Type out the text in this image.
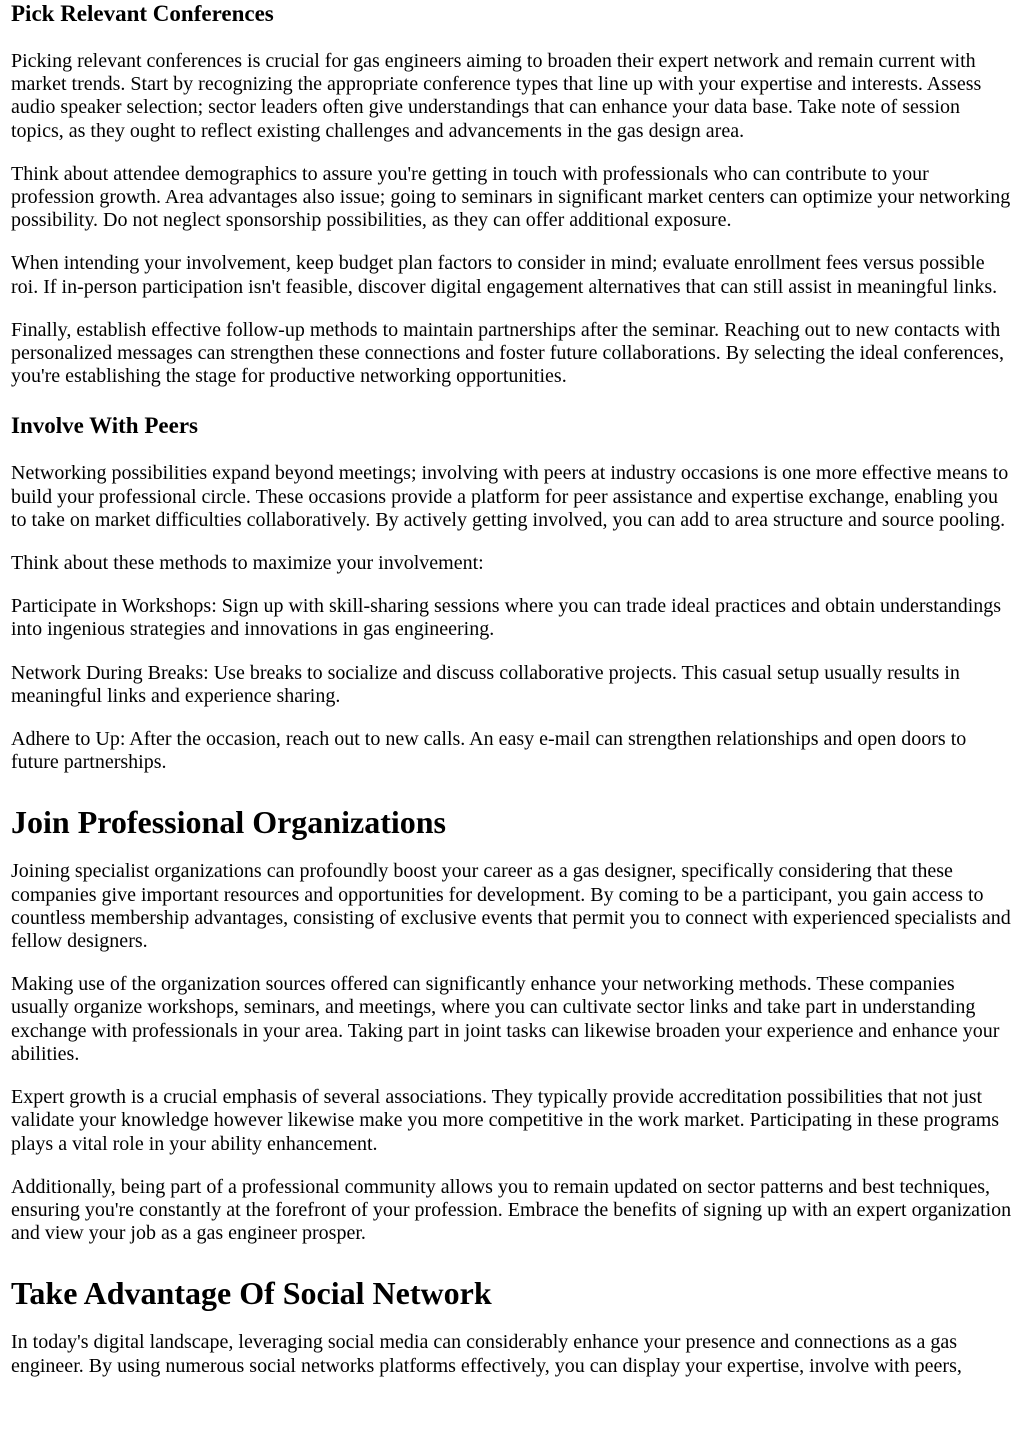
Pick Relevant Conferences

Picking relevant conferences is crucial for gas engineers aiming to broaden their expert network and remain current with market trends. Start by recognizing the appropriate conference types that line up with your expertise and interests. Assess audio speaker selection; sector leaders often give understandings that can enhance your data base. Take note of session topics, as they ought to reflect existing challenges and advancements in the gas design area.

Think about attendee demographics to assure you're getting in touch with professionals who can contribute to your profession growth. Area advantages also issue; going to seminars in significant market centers can optimize your networking possibility. Do not neglect sponsorship possibilities, as they can offer additional exposure.

When intending your involvement, keep budget plan factors to consider in mind; evaluate enrollment fees versus possible roi. If in-person participation isn't feasible, discover digital engagement alternatives that can still assist in meaningful links.

Finally, establish effective follow-up methods to maintain partnerships after the seminar. Reaching out to new contacts with personalized messages can strengthen these connections and foster future collaborations. By selecting the ideal conferences, you're establishing the stage for productive networking opportunities.

Involve With Peers

Networking possibilities expand beyond meetings; involving with peers at industry occasions is one more effective means to build your professional circle. These occasions provide a platform for peer assistance and expertise exchange, enabling you to take on market difficulties collaboratively. By actively getting involved, you can add to area structure and source pooling.

Think about these methods to maximize your involvement:

Participate in Workshops: Sign up with skill-sharing sessions where you can trade ideal practices and obtain understandings into ingenious strategies and innovations in gas engineering.

Network During Breaks: Use breaks to socialize and discuss collaborative projects. This casual setup usually results in meaningful links and experience sharing.

Adhere to Up: After the occasion, reach out to new calls. An easy e-mail can strengthen relationships and open doors to future partnerships.

Join Professional Organizations

Joining specialist organizations can profoundly boost your career as a gas designer, specifically considering that these companies give important resources and opportunities for development. By coming to be a participant, you gain access to countless membership advantages, consisting of exclusive events that permit you to connect with experienced specialists and fellow designers.

Making use of the organization sources offered can significantly enhance your networking methods. These companies usually organize workshops, seminars, and meetings, where you can cultivate sector links and take part in understanding exchange with professionals in your area. Taking part in joint tasks can likewise broaden your experience and enhance your abilities.

Expert growth is a crucial emphasis of several associations. They typically provide accreditation possibilities that not just validate your knowledge however likewise make you more competitive in the work market. Participating in these programs plays a vital role in your ability enhancement.

Additionally, being part of a professional community allows you to remain updated on sector patterns and best techniques, ensuring you're constantly at the forefront of your profession. Embrace the benefits of signing up with an expert organization and view your job as a gas engineer prosper.

Take Advantage Of Social Network

In today's digital landscape, leveraging social media can considerably enhance your presence and connections as a gas engineer. By using numerous social networks platforms effectively, you can display your expertise, involve with peers,
